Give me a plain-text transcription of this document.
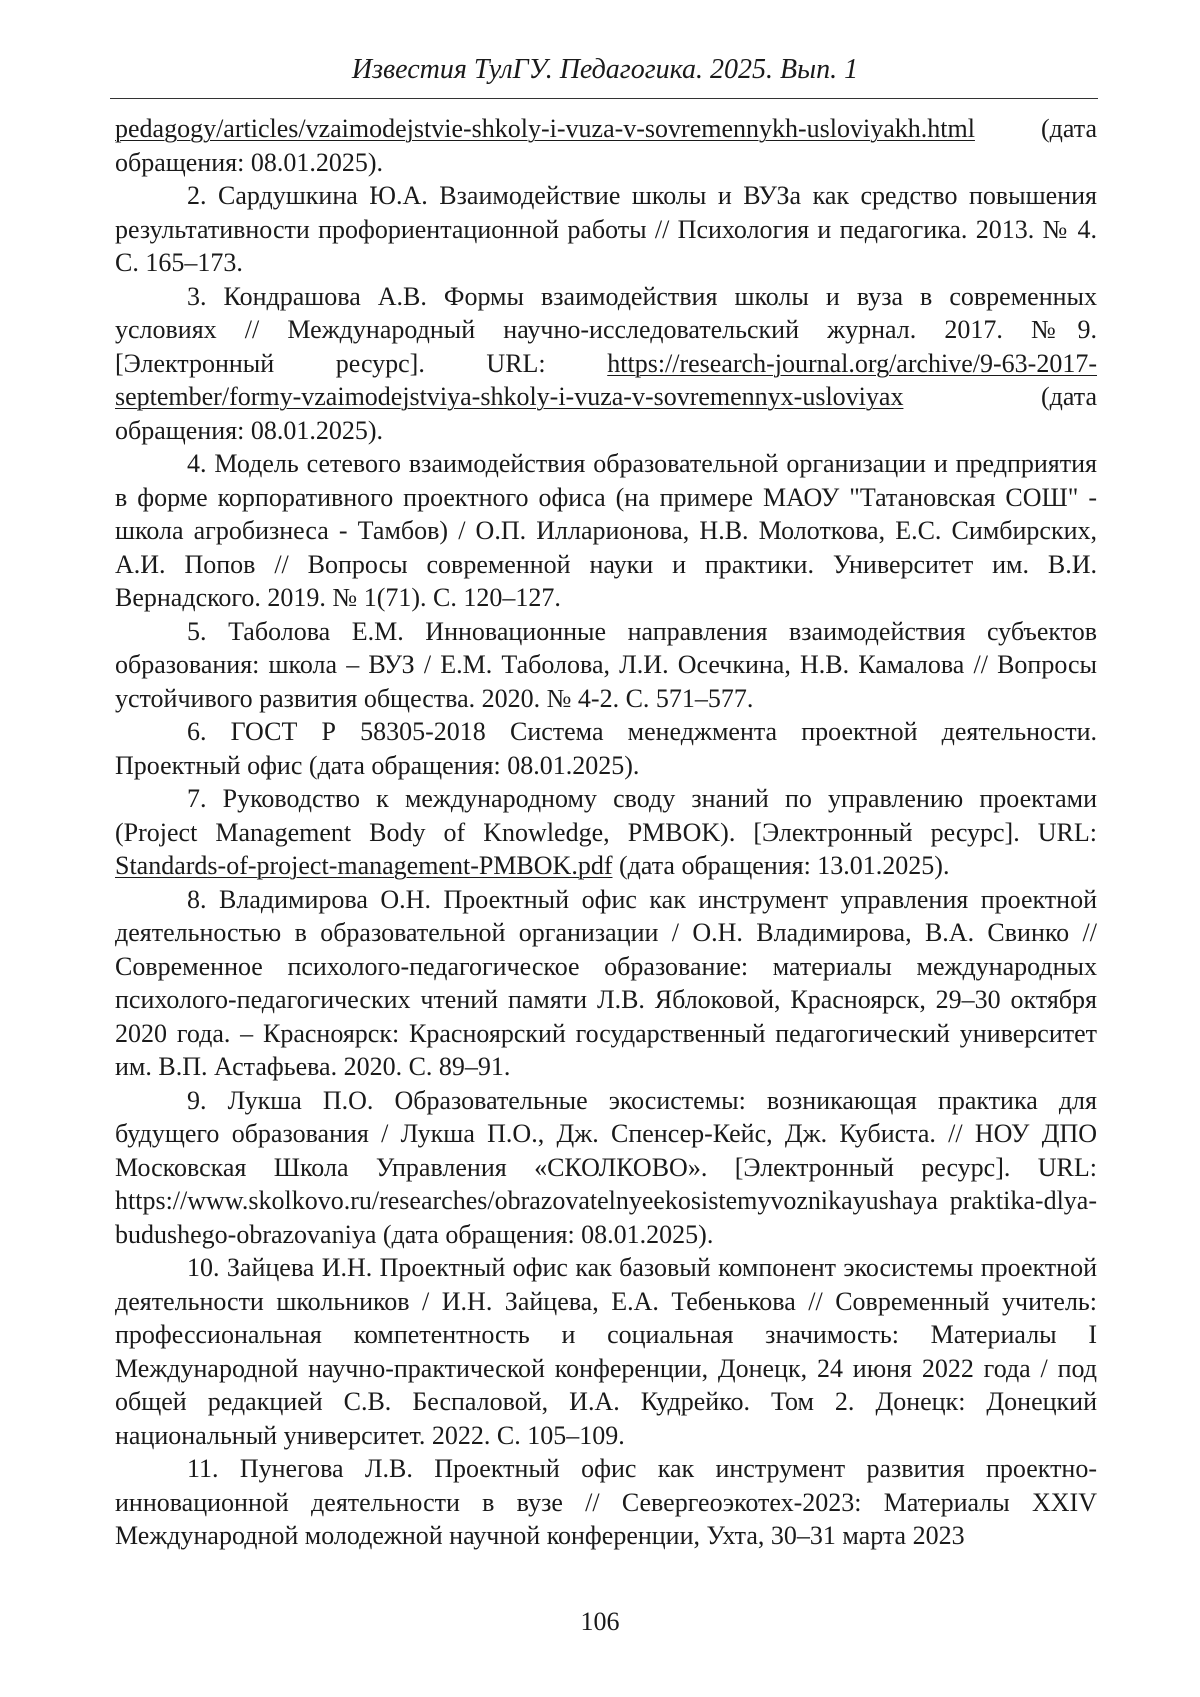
Известия ТулГУ. Педагогика. 2025. Вып. 1

pedagogy/articles/vzaimodejstvie-shkoly-i-vuza-v-sovremennykh-usloviyakh.html (дата обращения: 08.01.2025).

2. Сардушкина Ю.А. Взаимодействие школы и ВУЗа как средство повышения результативности профориентационной работы // Психология и педагогика. 2013. № 4. С. 165–173.

3. Кондрашова А.В. Формы взаимодействия школы и вуза в современных условиях // Международный научно-исследовательский журнал. 2017. №9. [Электронный ресурс]. URL: https://research-journal.org/archive/9-63-2017-september/formy-vzaimodejstviya-shkoly-i-vuza-v-sovremennyx-usloviyax (дата обращения: 08.01.2025).

4. Модель сетевого взаимодействия образовательной организации и предприятия в форме корпоративного проектного офиса (на примере МАОУ "Татановская СОШ" - школа агробизнеса - Тамбов) / О.П. Илларионова, Н.В. Молоткова, Е.С. Симбирских, А.И. Попов // Вопросы современной науки и практики. Университет им. В.И. Вернадского. 2019. № 1(71). С. 120–127.

5. Таболова Е.М. Инновационные направления взаимодействия субъектов образования: школа – ВУЗ / Е.М. Таболова, Л.И. Осечкина, Н.В. Камалова // Вопросы устойчивого развития общества. 2020. № 4-2. С. 571–577.

6. ГОСТ Р 58305-2018 Система менеджмента проектной деятельности. Проектный офис (дата обращения: 08.01.2025).

7. Руководство к международному своду знаний по управлению проектами (Project Management Body of Knowledge, PMBOK). [Электронный ресурс]. URL: Standards-of-project-management-PMBOK.pdf (дата обращения: 13.01.2025).

8. Владимирова О.Н. Проектный офис как инструмент управления проектной деятельностью в образовательной организации / О.Н. Владимирова, В.А. Свинко // Современное психолого-педагогическое образование: материалы международных психолого-педагогических чтений памяти Л.В. Яблоковой, Красноярск, 29–30 октября 2020 года. – Красноярск: Красноярский государственный педагогический университет им. В.П. Астафьева. 2020. С. 89–91.

9. Лукша П.О. Образовательные экосистемы: возникающая практика для будущего образования / Лукша П.О., Дж. Спенсер-Кейс, Дж. Кубиста. // НОУ ДПО Московская Школа Управления «СКОЛКОВО». [Электронный ресурс]. URL: https://www.skolkovo.ru/researches/obrazovatelnyeekosistemyvoznikayushaya praktika-dlya-budushego-obrazovaniya (дата обращения: 08.01.2025).

10. Зайцева И.Н. Проектный офис как базовый компонент экосистемы проектной деятельности школьников / И.Н. Зайцева, Е.А. Тебенькова // Современный учитель: профессиональная компетентность и социальная значимость: Материалы I Международной научно-практической конференции, Донецк, 24 июня 2022 года / под общей редакцией С.В. Беспаловой, И.А. Кудрейко. Том 2. Донецк: Донецкий национальный университет. 2022. С. 105–109.

11. Пунегова Л.В. Проектный офис как инструмент развития проектно-инновационной деятельности в вузе // Севергеоэкотех-2023: Материалы XXIV Международной молодежной научной конференции, Ухта, 30–31 марта 2023

106
